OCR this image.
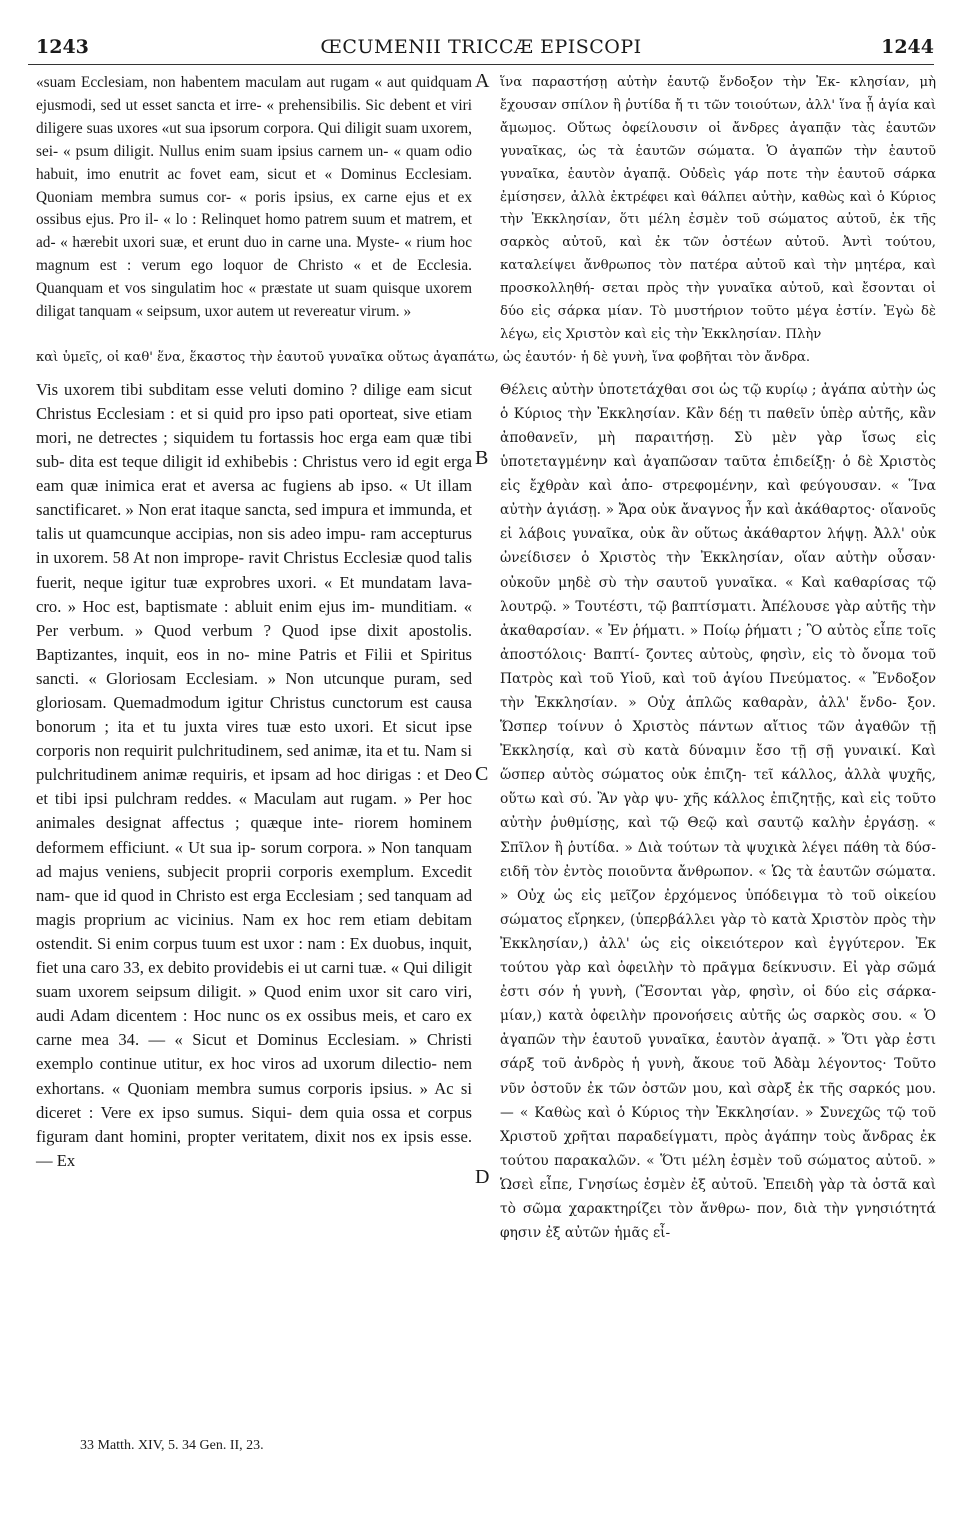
1243	ŒCUMENII TRICCÆ EPISCOPI	1244

«suam Ecclesiam, non habentem maculam aut rugam « aut quidquam ejusmodi, sed ut esset sancta et irre- « prehensibilis. Sic debent et viri diligere suas uxores «ut sua ipsorum corpora. Qui diligit suam uxorem, sei- « psum diligit. Nullus enim suam ipsius carnem un- « quam odio habuit, imo enutrit ac fovet eam, sicut et « Dominus Ecclesiam. Quoniam membra sumus cor- « poris ipsius, ex carne ejus et ex ossibus ejus. Pro il- « lo : Relinquet homo patrem suum et matrem, et ad- « hærebit uxori suæ, et erunt duo in carne una. Myste- « rium hoc magnum est : verum ego loquor de Christo « et de Ecclesia. Quanquam et vos singulatim hoc « præstate ut suam quisque uxorem diligat tanquam « seipsum, uxor autem ut revereatur virum. »

ἵνα παραστήσῃ αὐτὴν ἑαυτῷ ἔνδοξον τὴν Ἐκ- κλησίαν, μὴ ἔχουσαν σπίλον ἢ ῥυτίδα ἤ τι τῶν τοιούτων, ἀλλ' ἵνα ᾖ ἁγία καὶ ἄμωμος. Οὕτως ὀφείλουσιν οἱ ἄνδρες ἀγαπᾷν τὰς ἑαυτῶν γυναῖκας, ὡς τὰ ἑαυτῶν σώματα. Ὁ ἀγαπῶν τὴν ἑαυτοῦ γυναῖκα, ἑαυτὸν ἀγαπᾷ. Οὐδεὶς γάρ ποτε τὴν ἑαυτοῦ σάρκα ἐμίσησεν, ἀλλὰ ἐκτρέφει καὶ θάλπει αὐτὴν, καθὼς καὶ ὁ Κύριος τὴν Ἐκκλησίαν, ὅτι μέλη ἐσμὲν τοῦ σώματος αὐτοῦ, ἐκ τῆς σαρκὸς αὐτοῦ, καὶ ἐκ τῶν ὀστέων αὐτοῦ. Ἀντὶ τούτου, καταλείψει ἄνθρωπος τὸν πατέρα αὐτοῦ καὶ τὴν μητέρα, καὶ προσκολληθή- σεται πρὸς τὴν γυναῖκα αὐτοῦ, καὶ ἔσονται οἱ δύο εἰς σάρκα μίαν. Τὸ μυστήριον τοῦτο μέγα ἐστίν. Ἐγὼ δὲ λέγω, εἰς Χριστὸν καὶ εἰς τὴν Ἐκκλησίαν. Πλὴν

καὶ ὑμεῖς, οἱ καθ' ἕνα, ἕκαστος τὴν ἑαυτοῦ γυναῖκα οὕτως ἀγαπάτω, ὡς ἑαυτόν· ἡ δὲ γυνὴ, ἵνα φοβῆται τὸν ἄνδρα.

Vis uxorem tibi subditam esse veluti domino ? dilige eam sicut Christus Ecclesiam : et si quid pro ipso pati oporteat, sive etiam mori, ne detrectes ; siquidem tu fortassis hoc erga eam quæ tibi sub- dita est teque diligit id exhibebis : Christus vero id egit erga eam quæ inimica erat et aversa ac fugiens ab ipso. « Ut illam sanctificaret. » Non erat itaque sancta, sed impura et immunda, et talis ut quamcunque accipias, non sis adeo impu- ram accepturus in uxorem. 58 At non imprope- ravit Christus Ecclesiæ quod talis fuerit, neque igitur tuæ exprobres uxori. « Et mundatam lava- cro. » Hoc est, baptismate : abluit enim ejus im- munditiam. « Per verbum. » Quod verbum ? Quod ipse dixit apostolis. Baptizantes, inquit, eos in no- mine Patris et Filii et Spiritus sancti. « Gloriosam Ecclesiam. » Non utcunque puram, sed gloriosam. Quemadmodum igitur Christus cunctorum est causa bonorum ; ita et tu juxta vires tuæ esto uxori. Et sicut ipse corporis non requirit pulchritudinem, sed animæ, ita et tu. Nam si pulchritudinem animæ requiris, et ipsam ad hoc dirigas : et Deo et tibi ipsi pulchram reddes. « Maculam aut rugam. » Per hoc animales designat affectus ; quæque inte- riorem hominem deformem efficiunt. « Ut sua ip- sorum corpora. » Non tanquam ad majus veniens, subjecit proprii corporis exemplum. Excedit nam- que id quod in Christo est erga Ecclesiam ; sed tanquam ad magis proprium ac vicinius. Nam ex hoc rem etiam debitam ostendit. Si enim corpus tuum est uxor : nam : Ex duobus, inquit, fiet una caro 33, ex debito providebis ei ut carni tuæ. « Qui diligit suam uxorem seipsum diligit. » Quod enim uxor sit caro viri, audi Adam dicentem : Hoc nunc os ex ossibus meis, et caro ex carne mea 34. — « Sicut et Dominus Ecclesiam. » Christi exemplo continue utitur, ex hoc viros ad uxorum dilectio- nem exhortans. « Quoniam membra sumus corporis ipsius. » Ac si diceret : Vere ex ipso sumus. Siqui- dem quia ossa et corpus figuram dant homini, propter veritatem, dixit nos ex ipsis esse. — Ex

Θέλεις αὐτὴν ὑποτετάχθαι σοι ὡς τῷ κυρίῳ ; ἀγάπα αὐτὴν ὡς ὁ Κύριος τὴν Ἐκκλησίαν. Κἂν δέῃ τι παθεῖν ὑπὲρ αὐτῆς, κἂν ἀποθανεῖν, μὴ παραιτήσῃ. Σὺ μὲν γὰρ ἴσως εἰς ὑποτεταγμένην καὶ ἀγαπῶσαν ταῦτα ἐπιδείξῃ· ὁ δὲ Χριστὸς εἰς ἔχθρὰν καὶ ἀπο- στρεφομένην, καὶ φεύγουσαν. « Ἵνα αὐτὴν ἁγιάσῃ. » Ἄρα οὐκ ἄναγνος ἦν καὶ ἀκάθαρτος· οἵανοῦς εἰ λάβοις γυναῖκα, οὐκ ἂν οὕτως ἀκάθαρτον λήψῃ. Ἀλλ' οὐκ ὠνείδισεν ὁ Χριστὸς τὴν Ἐκκλησίαν, οἵαν αὐτὴν οὖσαν· οὐκοῦν μηδὲ σὺ τὴν σαυτοῦ γυναῖκα. « Καὶ καθαρίσας τῷ λουτρῷ. » Τουτέστι, τῷ βαπτίσματι. Ἀπέλουσε γὰρ αὐτῆς τὴν ἀκαθαρσίαν. « Ἐν ῥήματι. » Ποίῳ ῥήματι ; Ὃ αὐτὸς εἶπε τοῖς ἀποστόλοις· Βαπτί- ζοντες αὐτοὺς, φησὶν, εἰς τὸ ὄνομα τοῦ Πατρὸς καὶ τοῦ Υἱοῦ, καὶ τοῦ ἁγίου Πνεύματος. « Ἔνδοξον τὴν Ἐκκλησίαν. » Οὐχ ἁπλῶς καθαρὰν, ἀλλ' ἔνδο- ξον. Ὥσπερ τοίνυν ὁ Χριστὸς πάντων αἴτιος τῶν ἀγαθῶν τῇ Ἐκκλησίᾳ, καὶ σὺ κατὰ δύναμιν ἔσο τῇ σῇ γυναικί. Καὶ ὥσπερ αὐτὸς σώματος οὐκ ἐπιζη- τεῖ κάλλος, ἀλλὰ ψυχῆς, οὕτω καὶ σύ. Ἂν γὰρ ψυ- χῆς κάλλος ἐπιζητῇς, καὶ εἰς τοῦτο αὐτὴν ῥυθμίσῃς, καὶ τῷ Θεῷ καὶ σαυτῷ καλὴν ἐργάσῃ. « Σπῖλον ἢ ῥυτίδα. » Διὰ τούτων τὰ ψυχικὰ λέγει πάθη τὰ δύσ- ειδῆ τὸν ἐντὸς ποιοῦντα ἄνθρωπον. « Ὡς τὰ ἑαυτῶν σώματα. » Οὐχ ὡς εἰς μεῖζον ἐρχόμενος ὑπόδειγμα τὸ τοῦ οἰκείου σώματος εἴρηκεν, (ὑπερβάλλει γὰρ τὸ κατὰ Χριστὸν πρὸς τὴν Ἐκκλησίαν,) ἀλλ' ὡς εἰς οἰκειότερον καὶ ἐγγύτερον. Ἐκ τούτου γὰρ καὶ ὀφειλὴν τὸ πρᾶγμα δείκνυσιν. Εἰ γὰρ σῶμά ἐστι σόν ἡ γυνὴ, (Ἔσονται γὰρ, φησὶν, οἱ δύο εἰς σάρκα- μίαν,) κατὰ ὀφειλὴν προνοήσεις αὐτῆς ὡς σαρκὸς σου. « Ὁ ἀγαπῶν τὴν ἑαυτοῦ γυναῖκα, ἑαυτὸν ἀγαπᾷ. » Ὅτι γὰρ ἐστι σάρξ τοῦ ἀνδρὸς ἡ γυνὴ, ἄκουε τοῦ Ἀδὰμ λέγοντος· Τοῦτο νῦν ὀστοῦν ἐκ τῶν ὀστῶν μου, καὶ σὰρξ ἐκ τῆς σαρκός μου. — « Καθὼς καὶ ὁ Κύριος τὴν Ἐκκλησίαν. » Συνεχῶς τῷ τοῦ Χριστοῦ χρῆται παραδείγματι, πρὸς ἀγάπην τοὺς ἄνδρας ἐκ τούτου παρακαλῶν. « Ὅτι μέλη ἐσμὲν τοῦ σώματος αὐτοῦ. » Ὡσεὶ εἶπε, Γνησίως ἐσμὲν ἐξ αὐτοῦ. Ἐπειδὴ γὰρ τὰ ὀστᾶ καὶ τὸ σῶμα χαρακτηρίζει τὸν ἄνθρω- πον, διὰ τὴν γνησιότητά φησιν ἐξ αὐτῶν ἡμᾶς εἶ-

A
B
C
D
33 Matth. XIV, 5. 34 Gen. II, 23.
